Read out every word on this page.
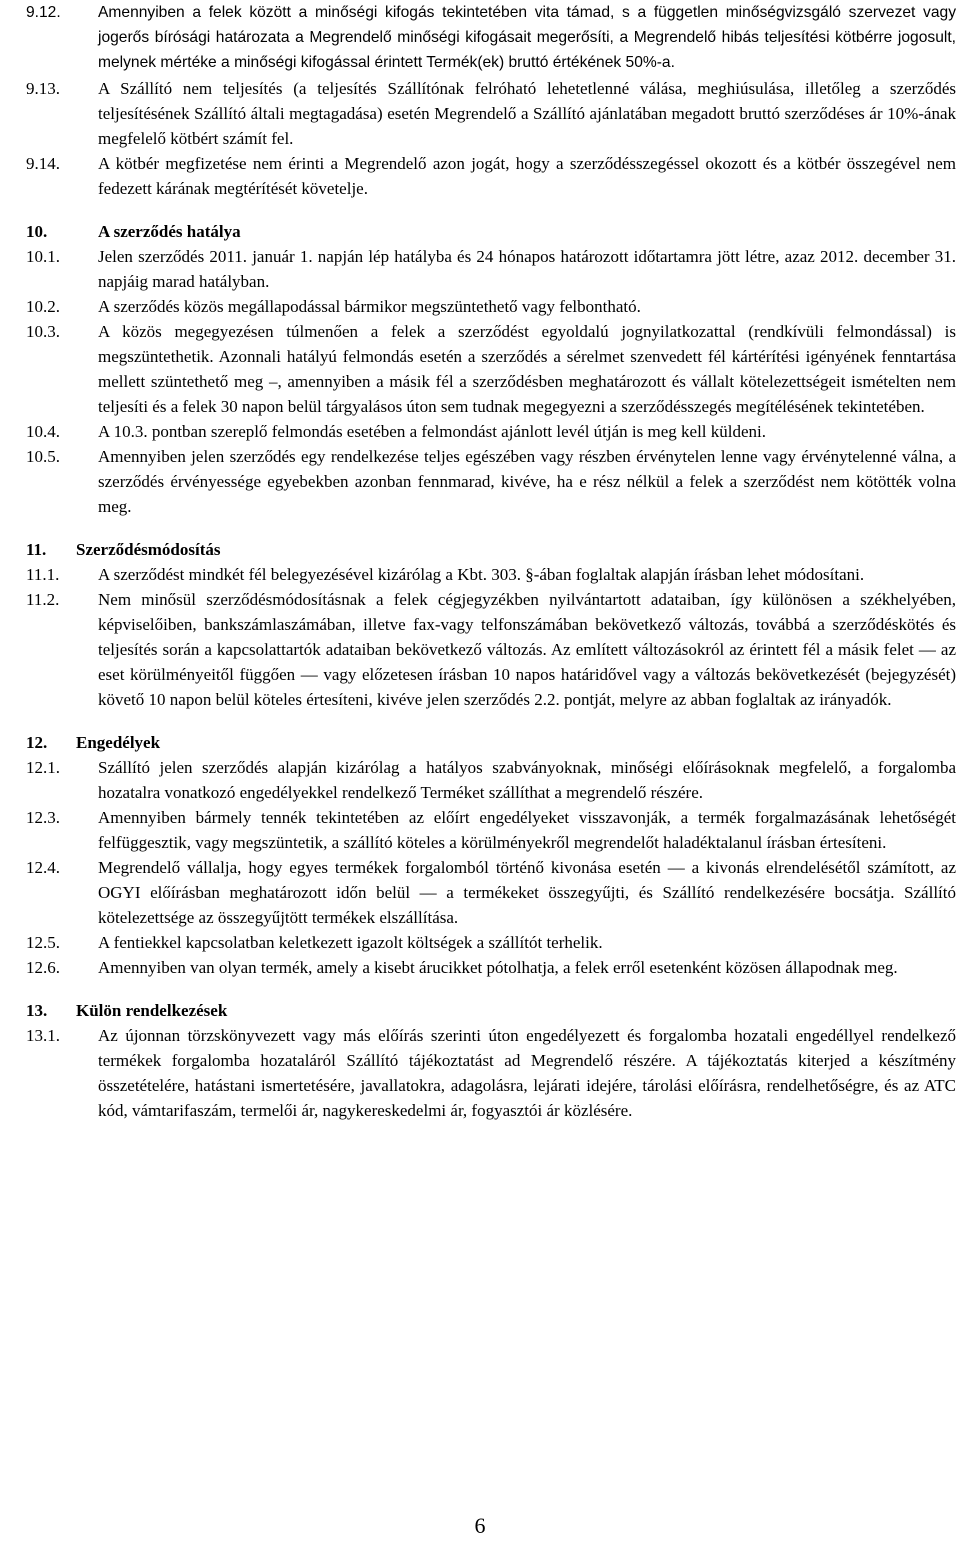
9.12.	Amennyiben a felek között a minőségi kifogás tekintetében vita támad, s a független minőségvizsgáló szervezet vagy jogerős bírósági határozata a Megrendelő minőségi kifogásait megerősíti, a Megrendelő hibás teljesítési kötbérre jogosult, melynek mértéke a minőségi kifogással érintett Termék(ek) bruttó értékének 50%-a.
9.13.	A Szállító nem teljesítés (a teljesítés Szállítónak felróható lehetetlenné válása, meghiúsulása, illetőleg a szerződés teljesítésének Szállító általi megtagadása) esetén Megrendelő a Szállító ajánlatában megadott bruttó szerződéses ár 10%-ának megfelelő kötbért számít fel.
9.14.	A kötbér megfizetése nem érinti a Megrendelő azon jogát, hogy a szerződésszegéssel okozott és a kötbér összegével nem fedezett kárának megtérítését követelje.
10.	A szerződés hatálya
10.1.	Jelen szerződés 2011. január 1. napján lép hatályba és 24 hónapos határozott időtartamra jött létre, azaz 2012. december 31. napjáig marad hatályban.
10.2.	A szerződés közös megállapodással bármikor megszüntethető vagy felbontható.
10.3.	A közös megegyezésen túlmenően a felek a szerződést egyoldalú jognyilatkozattal (rendkívüli felmondással) is megszüntethetik. Azonnali hatályú felmondás esetén a szerződés a sérelmet szenvedett fél kártérítési igényének fenntartása mellett szüntethető meg –, amennyiben a másik fél a szerződésben meghatározott és vállalt kötelezettségeit ismételten nem teljesíti és a felek 30 napon belül tárgyalásos úton sem tudnak megegyezni a szerződésszegés megítélésének tekintetében.
10.4.	A 10.3. pontban szereplő felmondás esetében a felmondást ajánlott levél útján is meg kell küldeni.
10.5.	Amennyiben jelen szerződés egy rendelkezése teljes egészében vagy részben érvénytelen lenne vagy érvénytelenné válna, a szerződés érvényessége egyebekben azonban fennmarad, kivéve, ha e rész nélkül a felek a szerződést nem kötötték volna meg.
11.	Szerződésmódosítás
11.1.	A szerződést mindkét fél belegyezésével kizárólag a Kbt. 303. §-ában foglaltak alapján írásban lehet módosítani.
11.2.	Nem minősül szerződésmódosításnak a felek cégjegyzékben nyilvántartott adataiban, így különösen a székhelyében, képviselőiben, bankszámlaszámában, illetve fax-vagy telfonszámában bekövetkező változás, továbbá a szerződéskötés és teljesítés során a kapcsolattartók adataiban bekövetkező változás. Az említett változásokról az érintett fél a másik felet — az eset körülményeitől függően — vagy előzetesen írásban 10 napos határidővel vagy a változás bekövetkezését (bejegyzését) követő 10 napon belül köteles értesíteni, kivéve jelen szerződés 2.2. pontját, melyre az abban foglaltak az irányadók.
12.	Engedélyek
12.1.	Szállító jelen szerződés alapján kizárólag a hatályos szabványoknak, minőségi előírásoknak megfelelő, a forgalomba hozatalra vonatkozó engedélyekkel rendelkező Terméket szállíthat a megrendelő részére.
12.3.	Amennyiben bármely tennék tekintetében az előírt engedélyeket visszavonják, a termék forgalmazásának lehetőségét felfüggesztik, vagy megszüntetik, a szállító köteles a körülményekről megrendelőt haladéktalanul írásban értesíteni.
12.4.	Megrendelő vállalja, hogy egyes termékek forgalomból történő kivonása esetén — a kivonás elrendelésétől számított, az OGYI előírásban meghatározott időn belül — a termékeket összegyűjti, és Szállító rendelkezésére bocsátja. Szállító kötelezettsége az összegyűjtött termékek elszállítása.
12.5.	A fentiekkel kapcsolatban keletkezett igazolt költségek a szállítót terhelik.
12.6.	Amennyiben van olyan termék, amely a kisebt árucikket pótolhatja, a felek erről esetenként közösen állapodnak meg.
13.	Külön rendelkezések
13.1.	Az újonnan törzskönyvezett vagy más előírás szerinti úton engedélyezett és forgalomba hozatali engedéllyel rendelkező termékek forgalomba hozataláról Szállító tájékoztatást ad Megrendelő részére. A tájékoztatás kiterjed a készítmény összetételére, hatástani ismertetésére, javallatokra, adagolásra, lejárati idejére, tárolási előírásra, rendelhetőségre, és az ATC kód, vámtarifaszám, termelői ár, nagykereskedelmi ár, fogyasztói ár közlésére.
6
